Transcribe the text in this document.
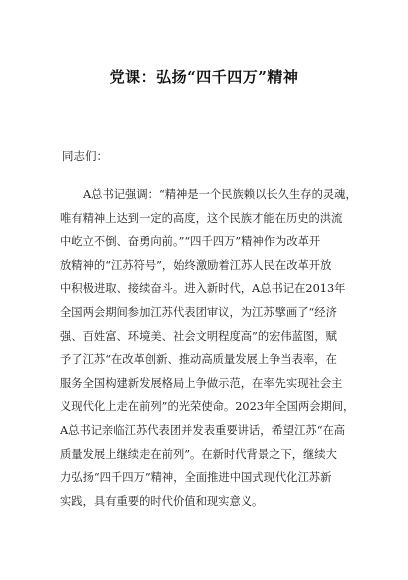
党课：弘扬“四千四万”精神

同志们：

A总书记强调：“精神是一个民族赖以长久生存的灵魂，
唯有精神上达到一定的高度，这个民族才能在历史的洪流
中屹立不倒、奋勇向前。”“四千四万”精神作为改革开
放精神的“江苏符号”，始终激励着江苏人民在改革开放
中积极进取、接续奋斗。进入新时代，A总书记在2013年
全国两会期间参加江苏代表团审议，为江苏擘画了“经济
强、百姓富、环境美、社会文明程度高”的宏伟蓝图，赋
予了江苏“在改革创新、推动高质量发展上争当表率，在
服务全国构建新发展格局上争做示范，在率先实现社会主
义现代化上走在前列”的光荣使命。2023年全国两会期间，
A总书记亲临江苏代表团并发表重要讲话，希望江苏“在高
质量发展上继续走在前列”。在新时代背景之下，继续大
力弘扬“四千四万”精神，全面推进中国式现代化江苏新
实践，具有重要的时代价值和现实意义。
